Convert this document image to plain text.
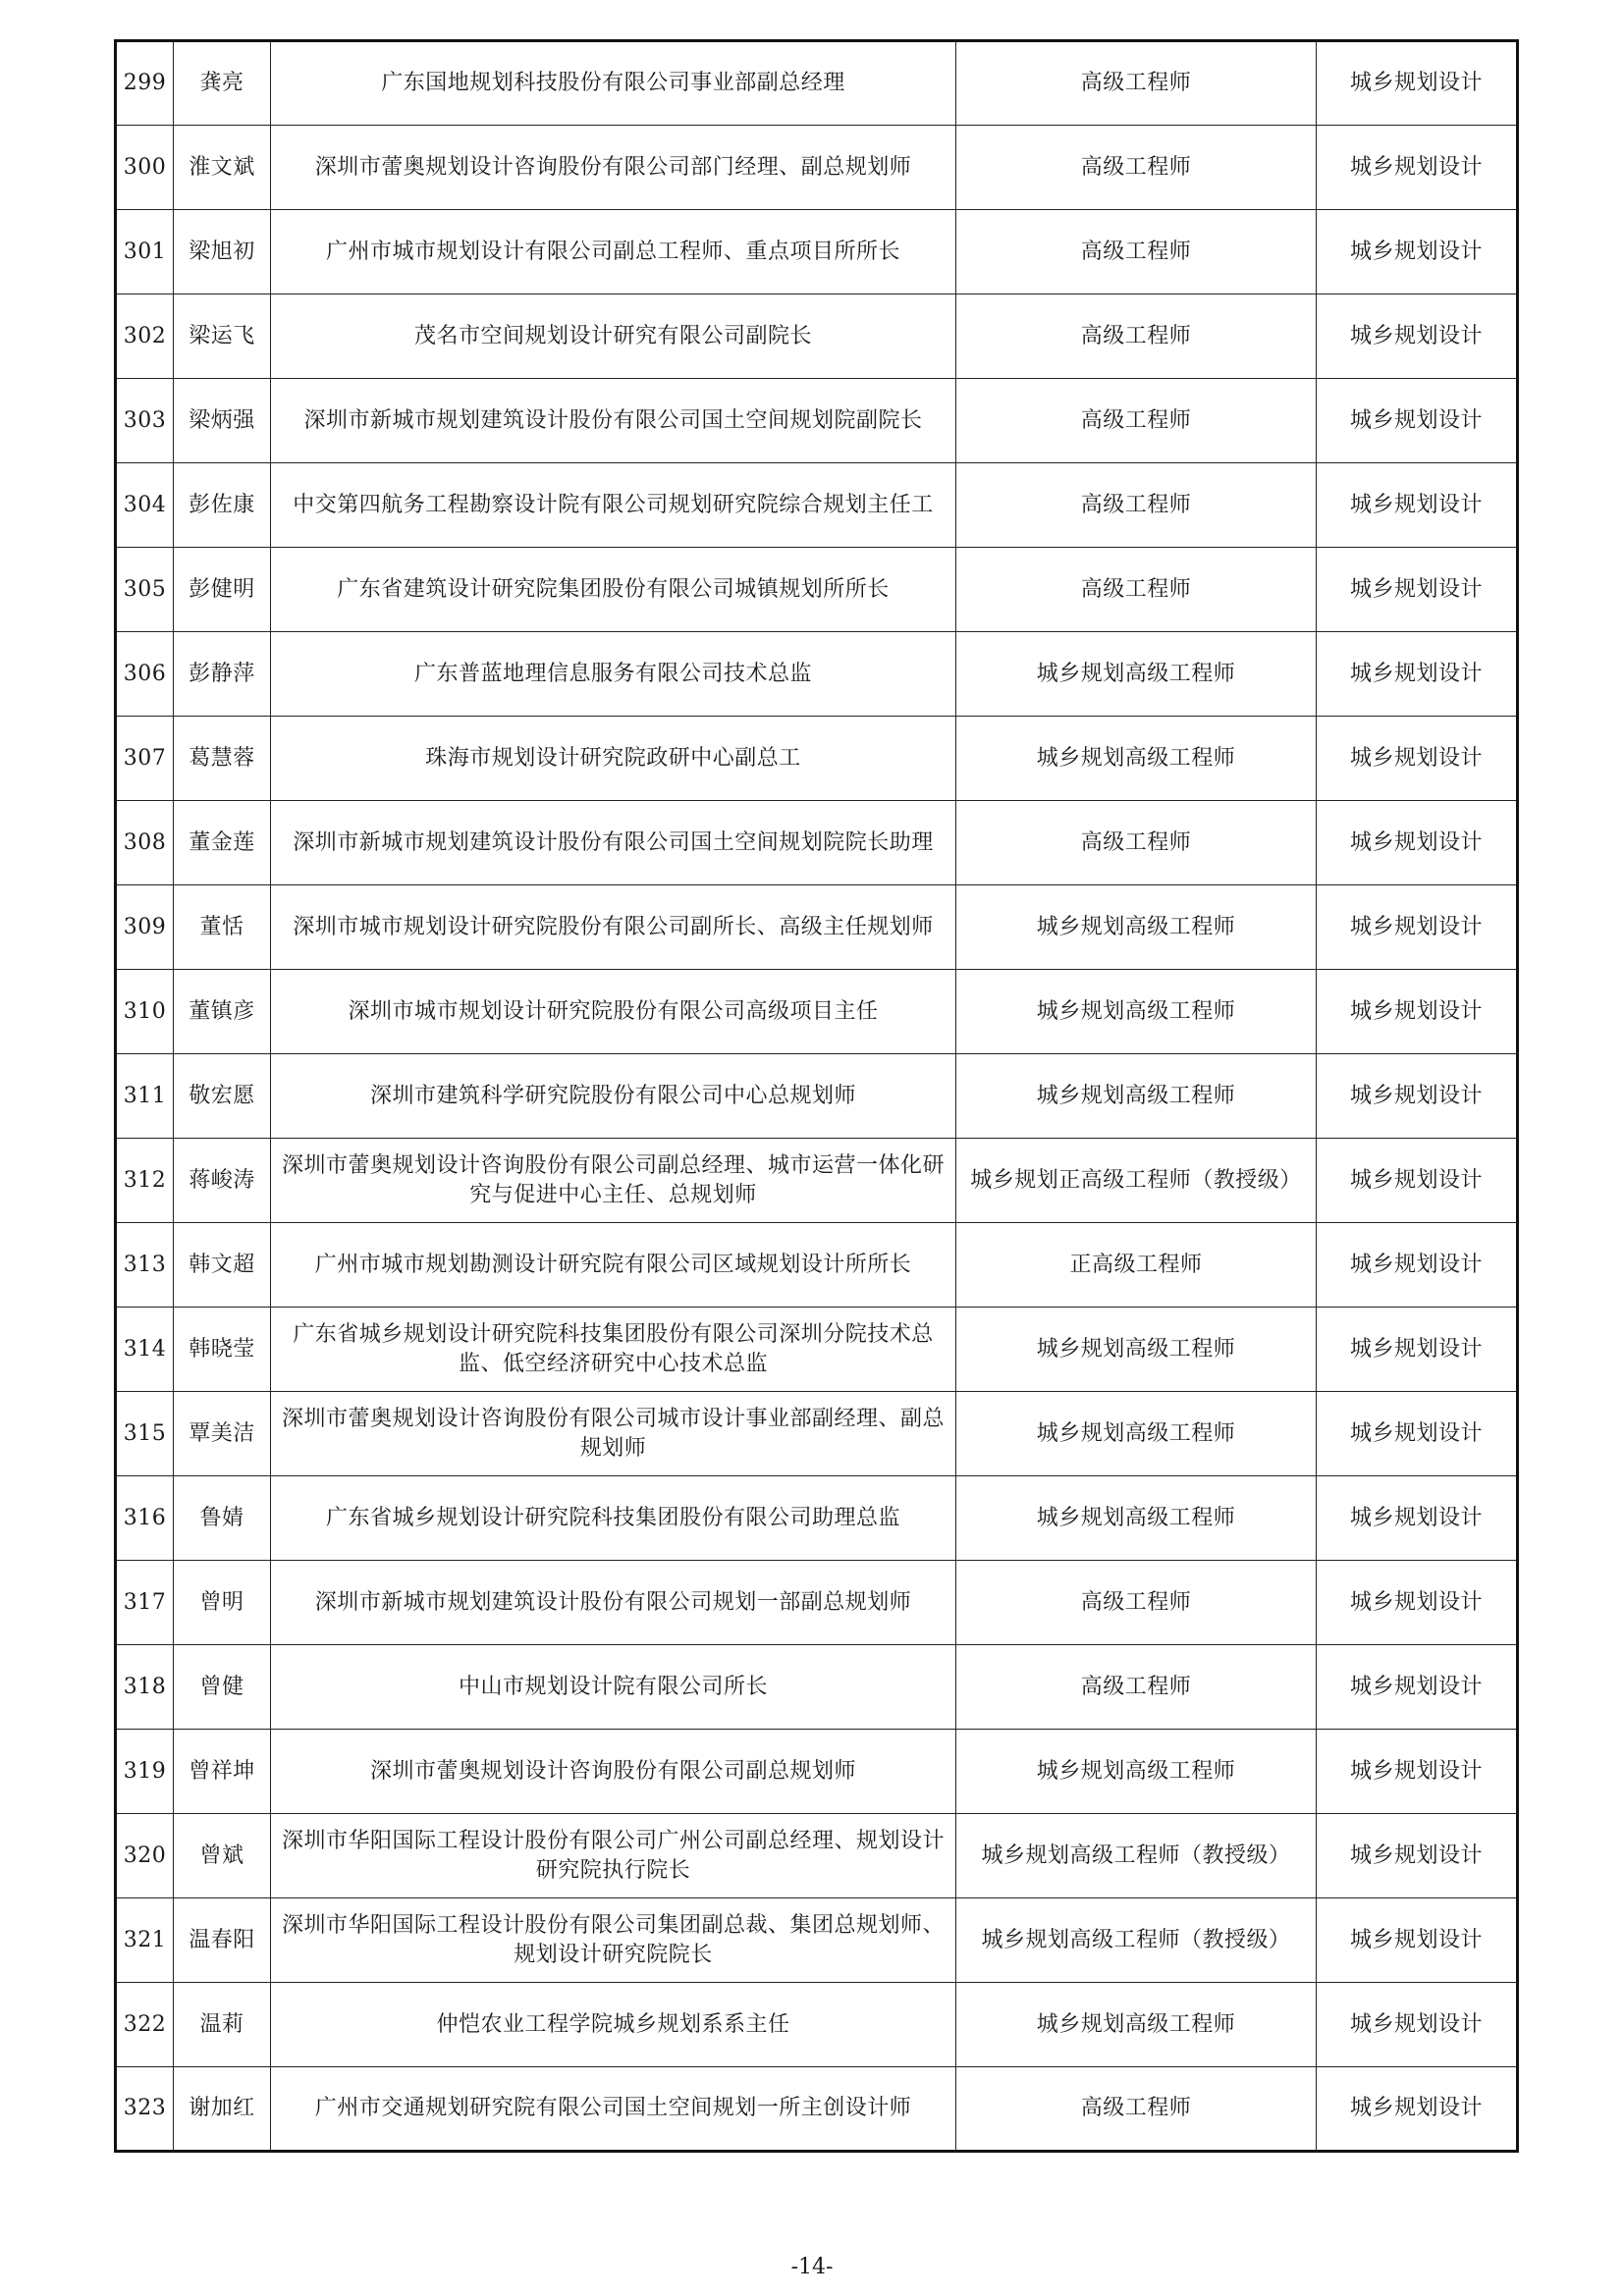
299	龚亮	广东国地规划科技股份有限公司事业部副总经理	高级工程师	城乡规划设计
300	淮文斌	深圳市蕾奥规划设计咨询股份有限公司部门经理、副总规划师	高级工程师	城乡规划设计
301	梁旭初	广州市城市规划设计有限公司副总工程师、重点项目所所长	高级工程师	城乡规划设计
302	梁运飞	茂名市空间规划设计研究有限公司副院长	高级工程师	城乡规划设计
303	梁炳强	深圳市新城市规划建筑设计股份有限公司国土空间规划院副院长	高级工程师	城乡规划设计
304	彭佐康	中交第四航务工程勘察设计院有限公司规划研究院综合规划主任工	高级工程师	城乡规划设计
305	彭健明	广东省建筑设计研究院集团股份有限公司城镇规划所所长	高级工程师	城乡规划设计
306	彭静萍	广东普蓝地理信息服务有限公司技术总监	城乡规划高级工程师	城乡规划设计
307	葛慧蓉	珠海市规划设计研究院政研中心副总工	城乡规划高级工程师	城乡规划设计
308	董金莲	深圳市新城市规划建筑设计股份有限公司国土空间规划院院长助理	高级工程师	城乡规划设计
309	董恬	深圳市城市规划设计研究院股份有限公司副所长、高级主任规划师	城乡规划高级工程师	城乡规划设计
310	董镇彦	深圳市城市规划设计研究院股份有限公司高级项目主任	城乡规划高级工程师	城乡规划设计
311	敬宏愿	深圳市建筑科学研究院股份有限公司中心总规划师	城乡规划高级工程师	城乡规划设计
312	蒋峻涛	深圳市蕾奥规划设计咨询股份有限公司副总经理、城市运营一体化研究与促进中心主任、总规划师	城乡规划正高级工程师（教授级）	城乡规划设计
313	韩文超	广州市城市规划勘测设计研究院有限公司区域规划设计所所长	正高级工程师	城乡规划设计
314	韩晓莹	广东省城乡规划设计研究院科技集团股份有限公司深圳分院技术总监、低空经济研究中心技术总监	城乡规划高级工程师	城乡规划设计
315	覃美洁	深圳市蕾奥规划设计咨询股份有限公司城市设计事业部副经理、副总规划师	城乡规划高级工程师	城乡规划设计
316	鲁婧	广东省城乡规划设计研究院科技集团股份有限公司助理总监	城乡规划高级工程师	城乡规划设计
317	曾明	深圳市新城市规划建筑设计股份有限公司规划一部副总规划师	高级工程师	城乡规划设计
318	曾健	中山市规划设计院有限公司所长	高级工程师	城乡规划设计
319	曾祥坤	深圳市蕾奥规划设计咨询股份有限公司副总规划师	城乡规划高级工程师	城乡规划设计
320	曾斌	深圳市华阳国际工程设计股份有限公司广州公司副总经理、规划设计研究院执行院长	城乡规划高级工程师（教授级）	城乡规划设计
321	温春阳	深圳市华阳国际工程设计股份有限公司集团副总裁、集团总规划师、规划设计研究院院长	城乡规划高级工程师（教授级）	城乡规划设计
322	温莉	仲恺农业工程学院城乡规划系系主任	城乡规划高级工程师	城乡规划设计
323	谢加红	广州市交通规划研究院有限公司国土空间规划一所主创设计师	高级工程师	城乡规划设计
-14-
